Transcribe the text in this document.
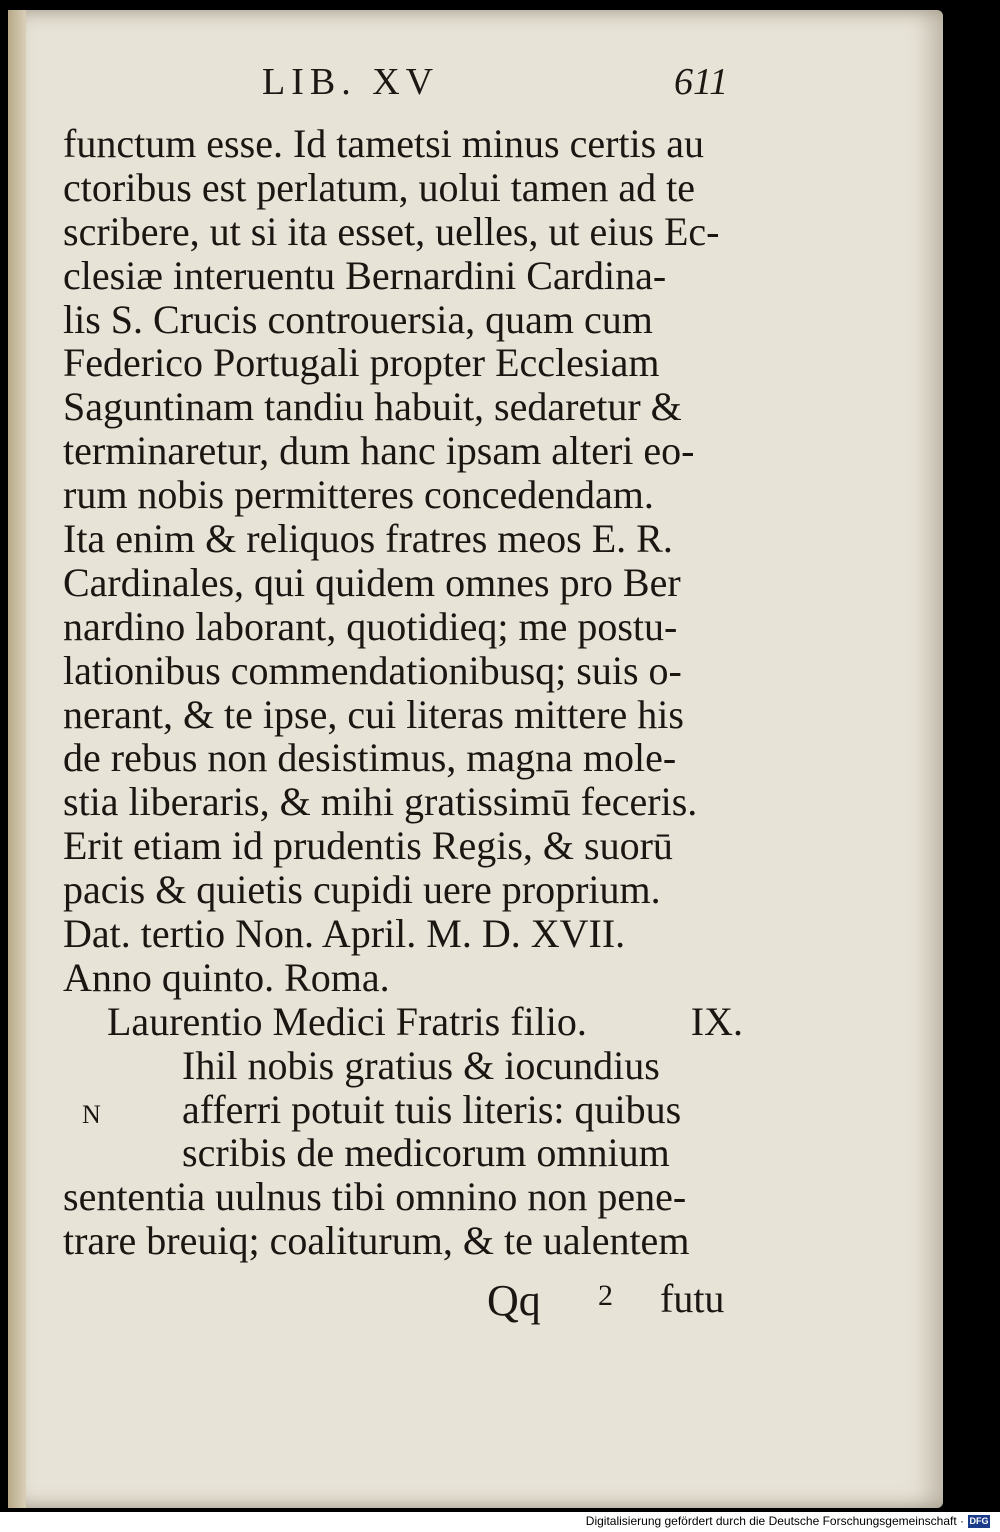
LIB. XV	611
functum esse. Id tametsi minus certis au
ctoribus est perlatum, uolui tamen ad te
scribere, ut si ita esset, uelles, ut eius Ec-
clesiæ interuentu Bernardini Cardina-
lis S. Crucis controuersia, quam cum
Federico Portugali propter Ecclesiam
Saguntinam tandiu habuit, sedaretur &
terminaretur, dum hanc ipsam alteri eo-
rum nobis permitteres concedendam.
Ita enim & reliquos fratres meos E. R.
Cardinales, qui quidem omnes pro Ber
nardino laborant, quotidieq; me postu-
lationibus commendationibusq; suis o-
nerant, & te ipse, cui literas mittere his
de rebus non desistimus, magna mole-
stia liberaris, & mihi gratissimū feceris.
Erit etiam id prudentis Regis, & suorū
pacis & quietis cupidi uere proprium.
Dat. tertio Non. April. M. D. XVII.
Anno quinto. Roma.
Laurentio Medici Fratris filio.	IX.
Ihil nobis gratius & iocundius
afferri potuit tuis literis: quibus
scribis de medicorum omnium
sententia uulnus tibi omnino non pene-
trare breuiq; coaliturum, & te ualentem
N
Qq 2 futu
Digitalisierung gefördert durch die Deutsche Forschungsgemeinschaft · DFG
